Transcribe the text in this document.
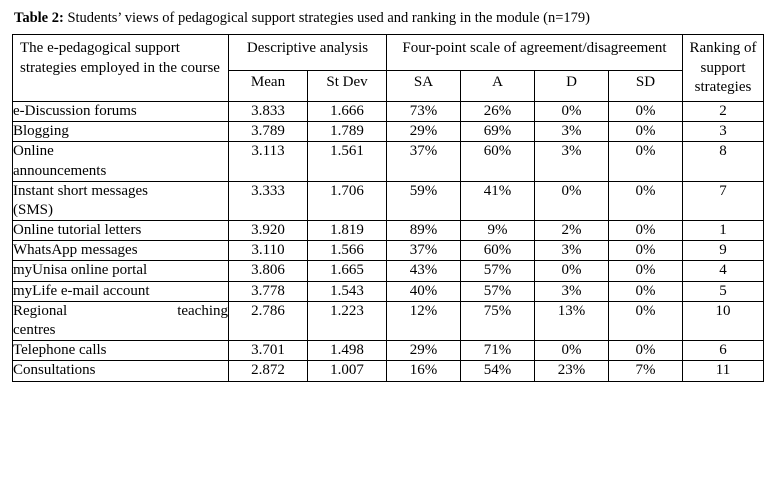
Table 2: Students’ views of pedagogical support strategies used and ranking in the module (n=179)
The e-pedagogical support strategies employed in the course	Descriptive analysis		Four-point scale of agreement/disagreement				Ranking of support strategies
	Mean	St Dev	SA	A	D	SD	

e-Discussion forums	3.833	1.666	73%	26%	0%	0%	2

Blogging	3.789	1.789	29%	69%	3%	0%	3

Online
announcements	3.113	1.561	37%	60%	3%	0%	8

Instant short messages
(SMS)	3.333	1.706	59%	41%	0%	0%	7

Online tutorial letters	3.920	1.819	89%	9%	2%	0%	1

WhatsApp messages	3.110	1.566	37%	60%	3%	0%	9

myUnisa online portal	3.806	1.665	43%	57%	0%	0%	4

myLife e-mail account	3.778	1.543	40%	57%	3%	0%	5

Regional teaching
centres	2.786	1.223	12%	75%	13%	0%	10

Telephone calls	3.701	1.498	29%	71%	0%	0%	6

Consultations	2.872	1.007	16%	54%	23%	7%	11
